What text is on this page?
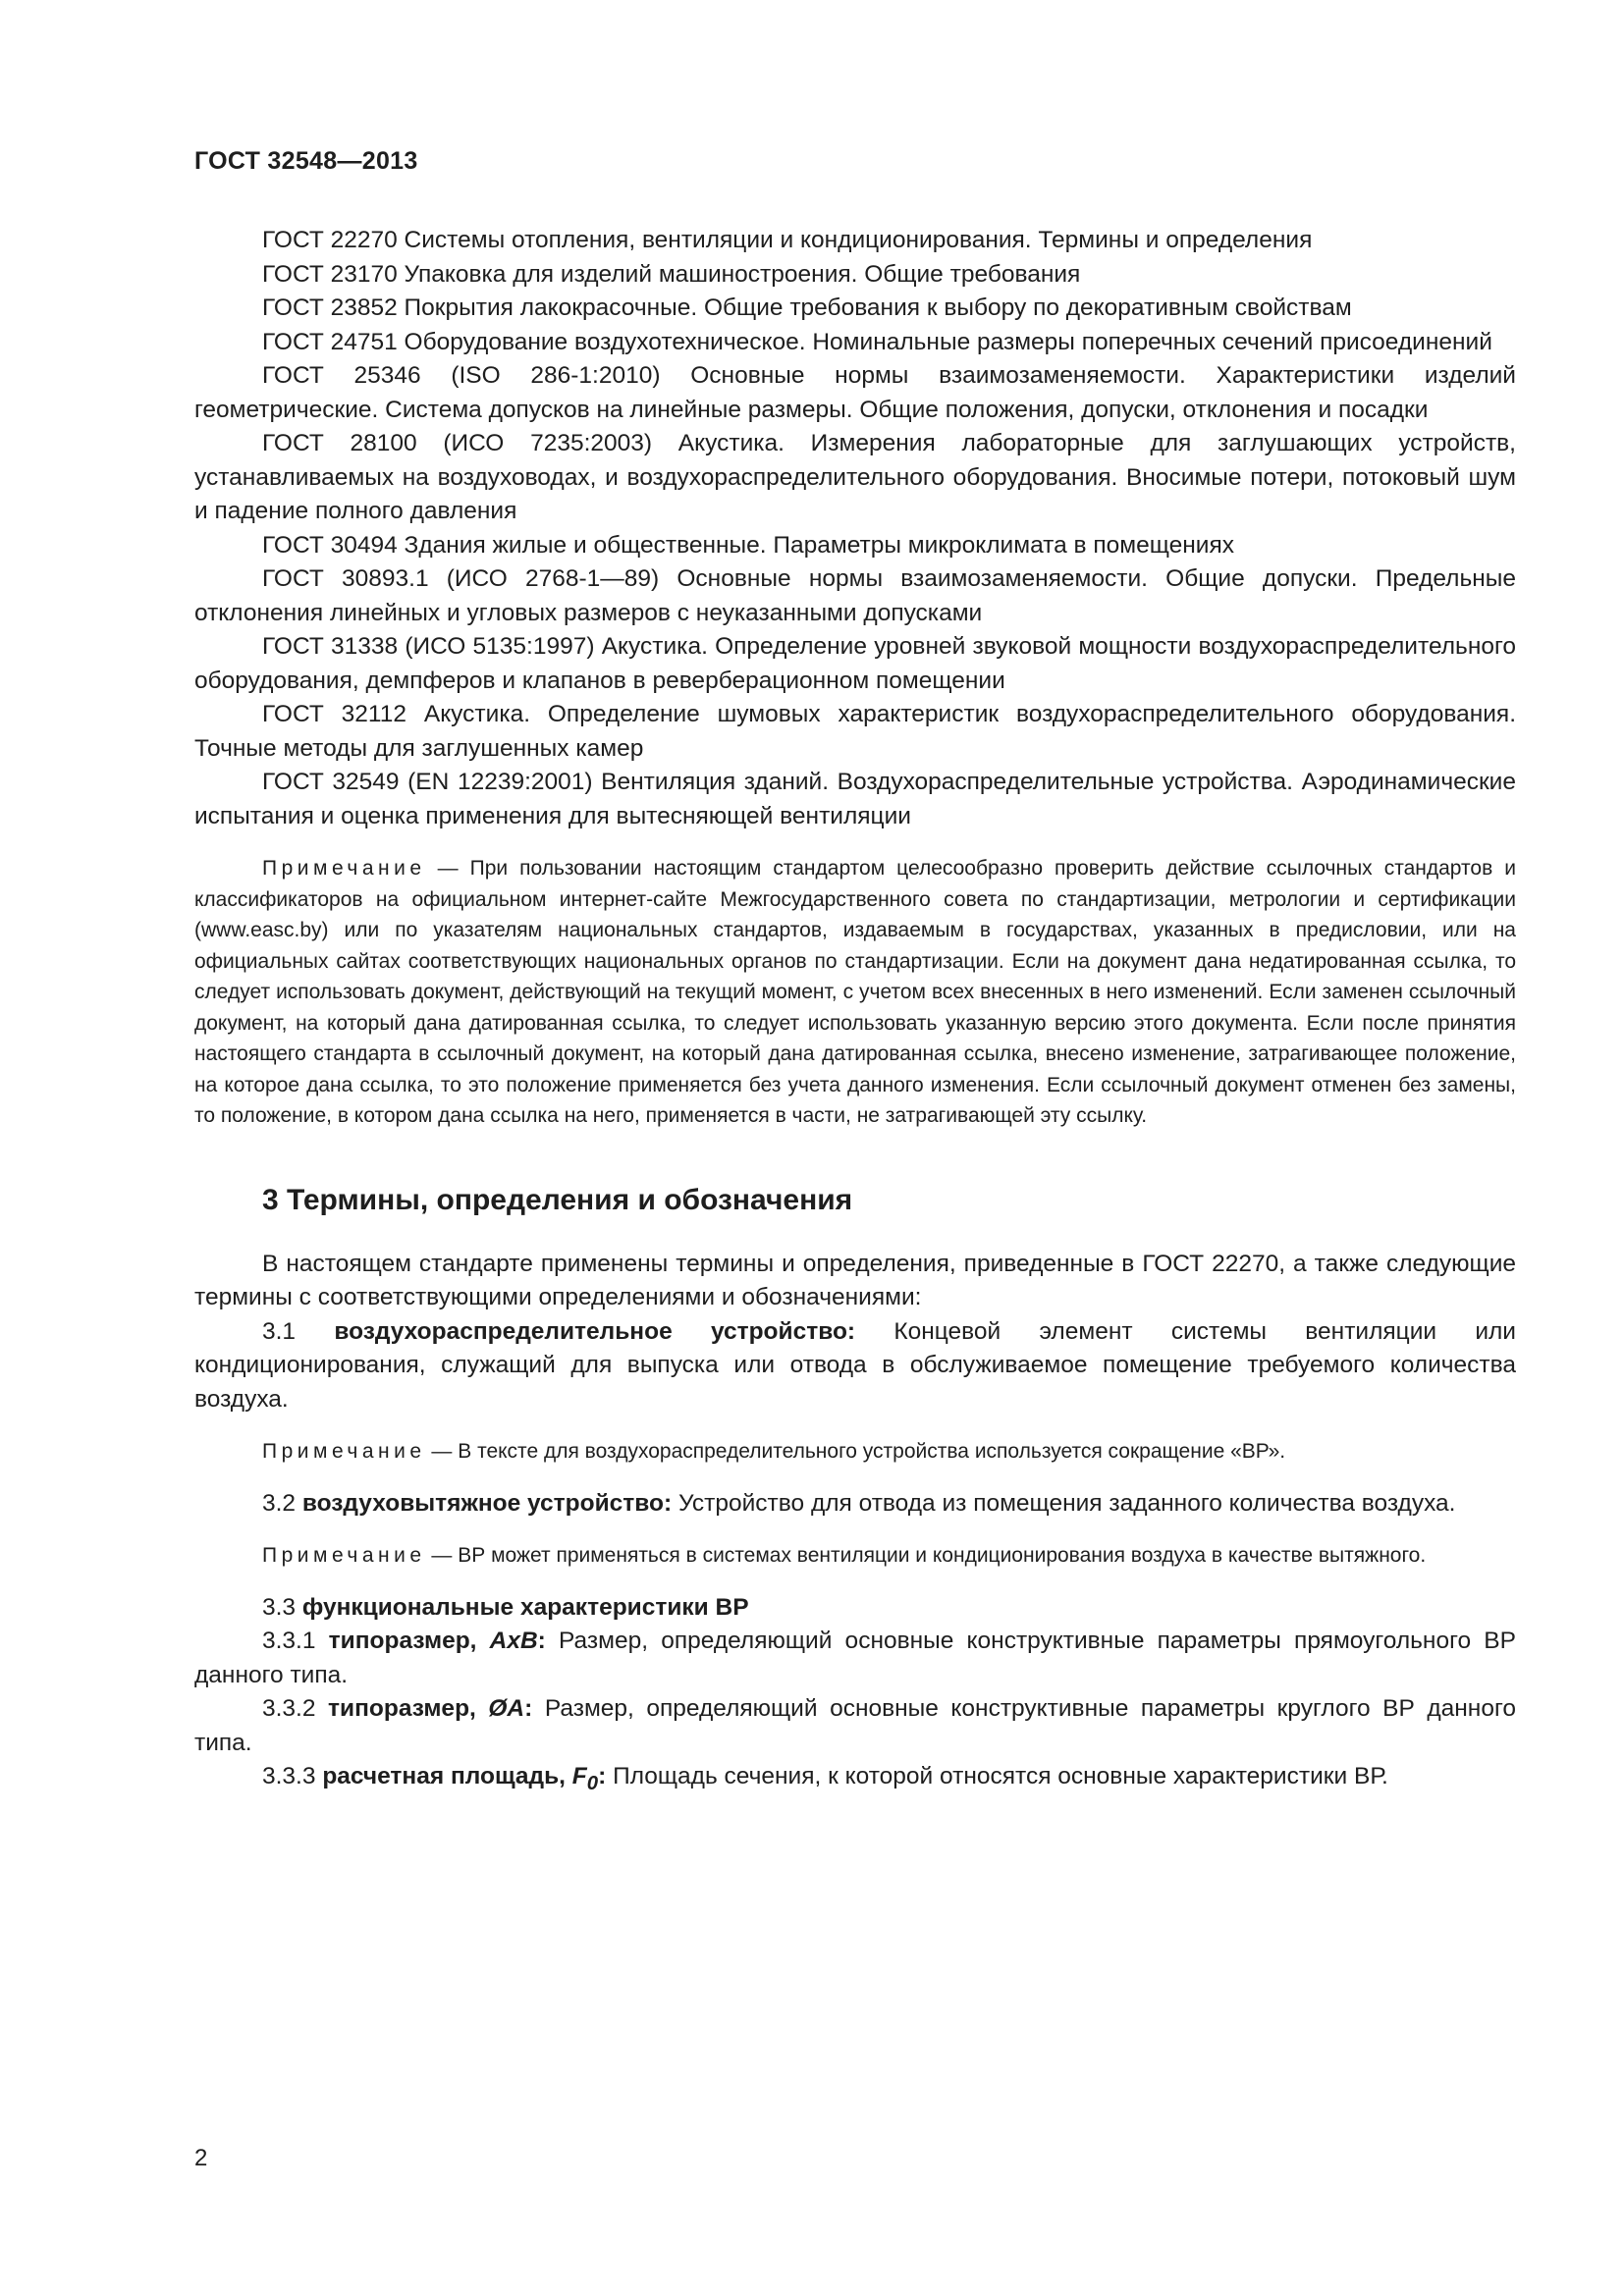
ГОСТ 32548—2013

ГОСТ 22270 Системы отопления, вентиляции и кондиционирования. Термины и определения

ГОСТ 23170 Упаковка для изделий машиностроения. Общие требования

ГОСТ 23852 Покрытия лакокрасочные. Общие требования к выбору по декоративным свойствам

ГОСТ 24751 Оборудование воздухотехническое. Номинальные размеры поперечных сечений присоединений

ГОСТ 25346 (ISO 286-1:2010) Основные нормы взаимозаменяемости. Характеристики изделий геометрические. Система допусков на линейные размеры. Общие положения, допуски, отклонения и посадки

ГОСТ 28100 (ИСО 7235:2003) Акустика. Измерения лабораторные для заглушающих устройств, устанавливаемых на воздуховодах, и воздухораспределительного оборудования. Вносимые потери, потоковый шум и падение полного давления

ГОСТ 30494 Здания жилые и общественные. Параметры микроклимата в помещениях

ГОСТ 30893.1 (ИСО 2768-1—89) Основные нормы взаимозаменяемости. Общие допуски. Предельные отклонения линейных и угловых размеров с неуказанными допусками

ГОСТ 31338 (ИСО 5135:1997) Акустика. Определение уровней звуковой мощности воздухораспределительного оборудования, демпферов и клапанов в реверберационном помещении

ГОСТ 32112 Акустика. Определение шумовых характеристик воздухораспределительного оборудования. Точные методы для заглушенных камер

ГОСТ 32549 (EN 12239:2001) Вентиляция зданий. Воздухораспределительные устройства. Аэродинамические испытания и оценка применения для вытесняющей вентиляции

Примечание — При пользовании настоящим стандартом целесообразно проверить действие ссылочных стандартов и классификаторов на официальном интернет-сайте Межгосударственного совета по стандартизации, метрологии и сертификации (www.easc.by) или по указателям национальных стандартов, издаваемым в государствах, указанных в предисловии, или на официальных сайтах соответствующих национальных органов по стандартизации. Если на документ дана недатированная ссылка, то следует использовать документ, действующий на текущий момент, с учетом всех внесенных в него изменений. Если заменен ссылочный документ, на который дана датированная ссылка, то следует использовать указанную версию этого документа. Если после принятия настоящего стандарта в ссылочный документ, на который дана датированная ссылка, внесено изменение, затрагивающее положение, на которое дана ссылка, то это положение применяется без учета данного изменения. Если ссылочный документ отменен без замены, то положение, в котором дана ссылка на него, применяется в части, не затрагивающей эту ссылку.

3 Термины, определения и обозначения

В настоящем стандарте применены термины и определения, приведенные в ГОСТ 22270, а также следующие термины с соответствующими определениями и обозначениями:

3.1 воздухораспределительное устройство: Концевой элемент системы вентиляции или кондиционирования, служащий для выпуска или отвода в обслуживаемое помещение требуемого количества воздуха.

Примечание — В тексте для воздухораспределительного устройства используется сокращение «ВР».

3.2 воздуховытяжное устройство: Устройство для отвода из помещения заданного количества воздуха.

Примечание — ВР может применяться в системах вентиляции и кондиционирования воздуха в качестве вытяжного.

3.3 функциональные характеристики ВР

3.3.1 типоразмер, АхВ: Размер, определяющий основные конструктивные параметры прямоугольного ВР данного типа.

3.3.2 типоразмер, ØA: Размер, определяющий основные конструктивные параметры круглого ВР данного типа.

3.3.3 расчетная площадь, $F_0$: Площадь сечения, к которой относятся основные характеристики ВР.

2
